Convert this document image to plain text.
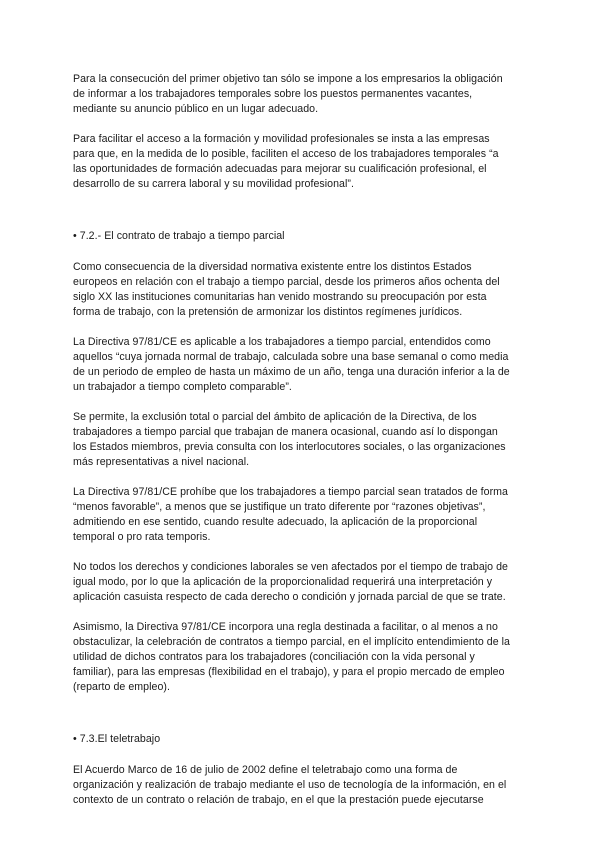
Para la consecución del primer objetivo tan sólo se impone a los empresarios la obligación
de informar a los trabajadores temporales sobre los puestos permanentes vacantes,
mediante su anuncio público en un lugar adecuado.

Para facilitar el acceso a la formación y movilidad profesionales se insta a las empresas
para que, en la medida de lo posible, faciliten el acceso de los trabajadores temporales “a
las oportunidades de formación adecuadas para mejorar su cualificación profesional, el
desarrollo de su carrera laboral y su movilidad profesional”.

• 7.2.- El contrato de trabajo a tiempo parcial

Como consecuencia de la diversidad normativa existente entre los distintos Estados
europeos en relación con el trabajo a tiempo parcial, desde los primeros años ochenta del
siglo XX las instituciones comunitarias han venido mostrando su preocupación por esta
forma de trabajo, con la pretensión de armonizar los distintos regímenes jurídicos.

La Directiva 97/81/CE es aplicable a los trabajadores a tiempo parcial, entendidos como
aquellos “cuya jornada normal de trabajo, calculada sobre una base semanal o como media
de un periodo de empleo de hasta un máximo de un año, tenga una duración inferior a la de
un trabajador a tiempo completo comparable”.

Se permite, la exclusión total o parcial del ámbito de aplicación de la Directiva, de los
trabajadores a tiempo parcial que trabajan de manera ocasional, cuando así lo dispongan
los Estados miembros, previa consulta con los interlocutores sociales, o las organizaciones
más representativas a nivel nacional.

La Directiva 97/81/CE prohíbe que los trabajadores a tiempo parcial sean tratados de forma
“menos favorable”, a menos que se justifique un trato diferente por “razones objetivas”,
admitiendo en ese sentido, cuando resulte adecuado, la aplicación de la proporcional
temporal o pro rata temporis.

No todos los derechos y condiciones laborales se ven afectados por el tiempo de trabajo de
igual modo, por lo que la aplicación de la proporcionalidad requerirá una interpretación y
aplicación casuista respecto de cada derecho o condición y jornada parcial de que se trate.

Asimismo, la Directiva 97/81/CE incorpora una regla destinada a facilitar, o al menos a no
obstaculizar, la celebración de contratos a tiempo parcial, en el implícito entendimiento de la
utilidad de dichos contratos para los trabajadores (conciliación con la vida personal y
familiar), para las empresas (flexibilidad en el trabajo), y para el propio mercado de empleo
(reparto de empleo).

• 7.3.El teletrabajo

El Acuerdo Marco de 16 de julio de 2002 define el teletrabajo como una forma de
organización y realización de trabajo mediante el uso de tecnología de la información, en el
contexto de un contrato o relación de trabajo, en el que la prestación puede ejecutarse
